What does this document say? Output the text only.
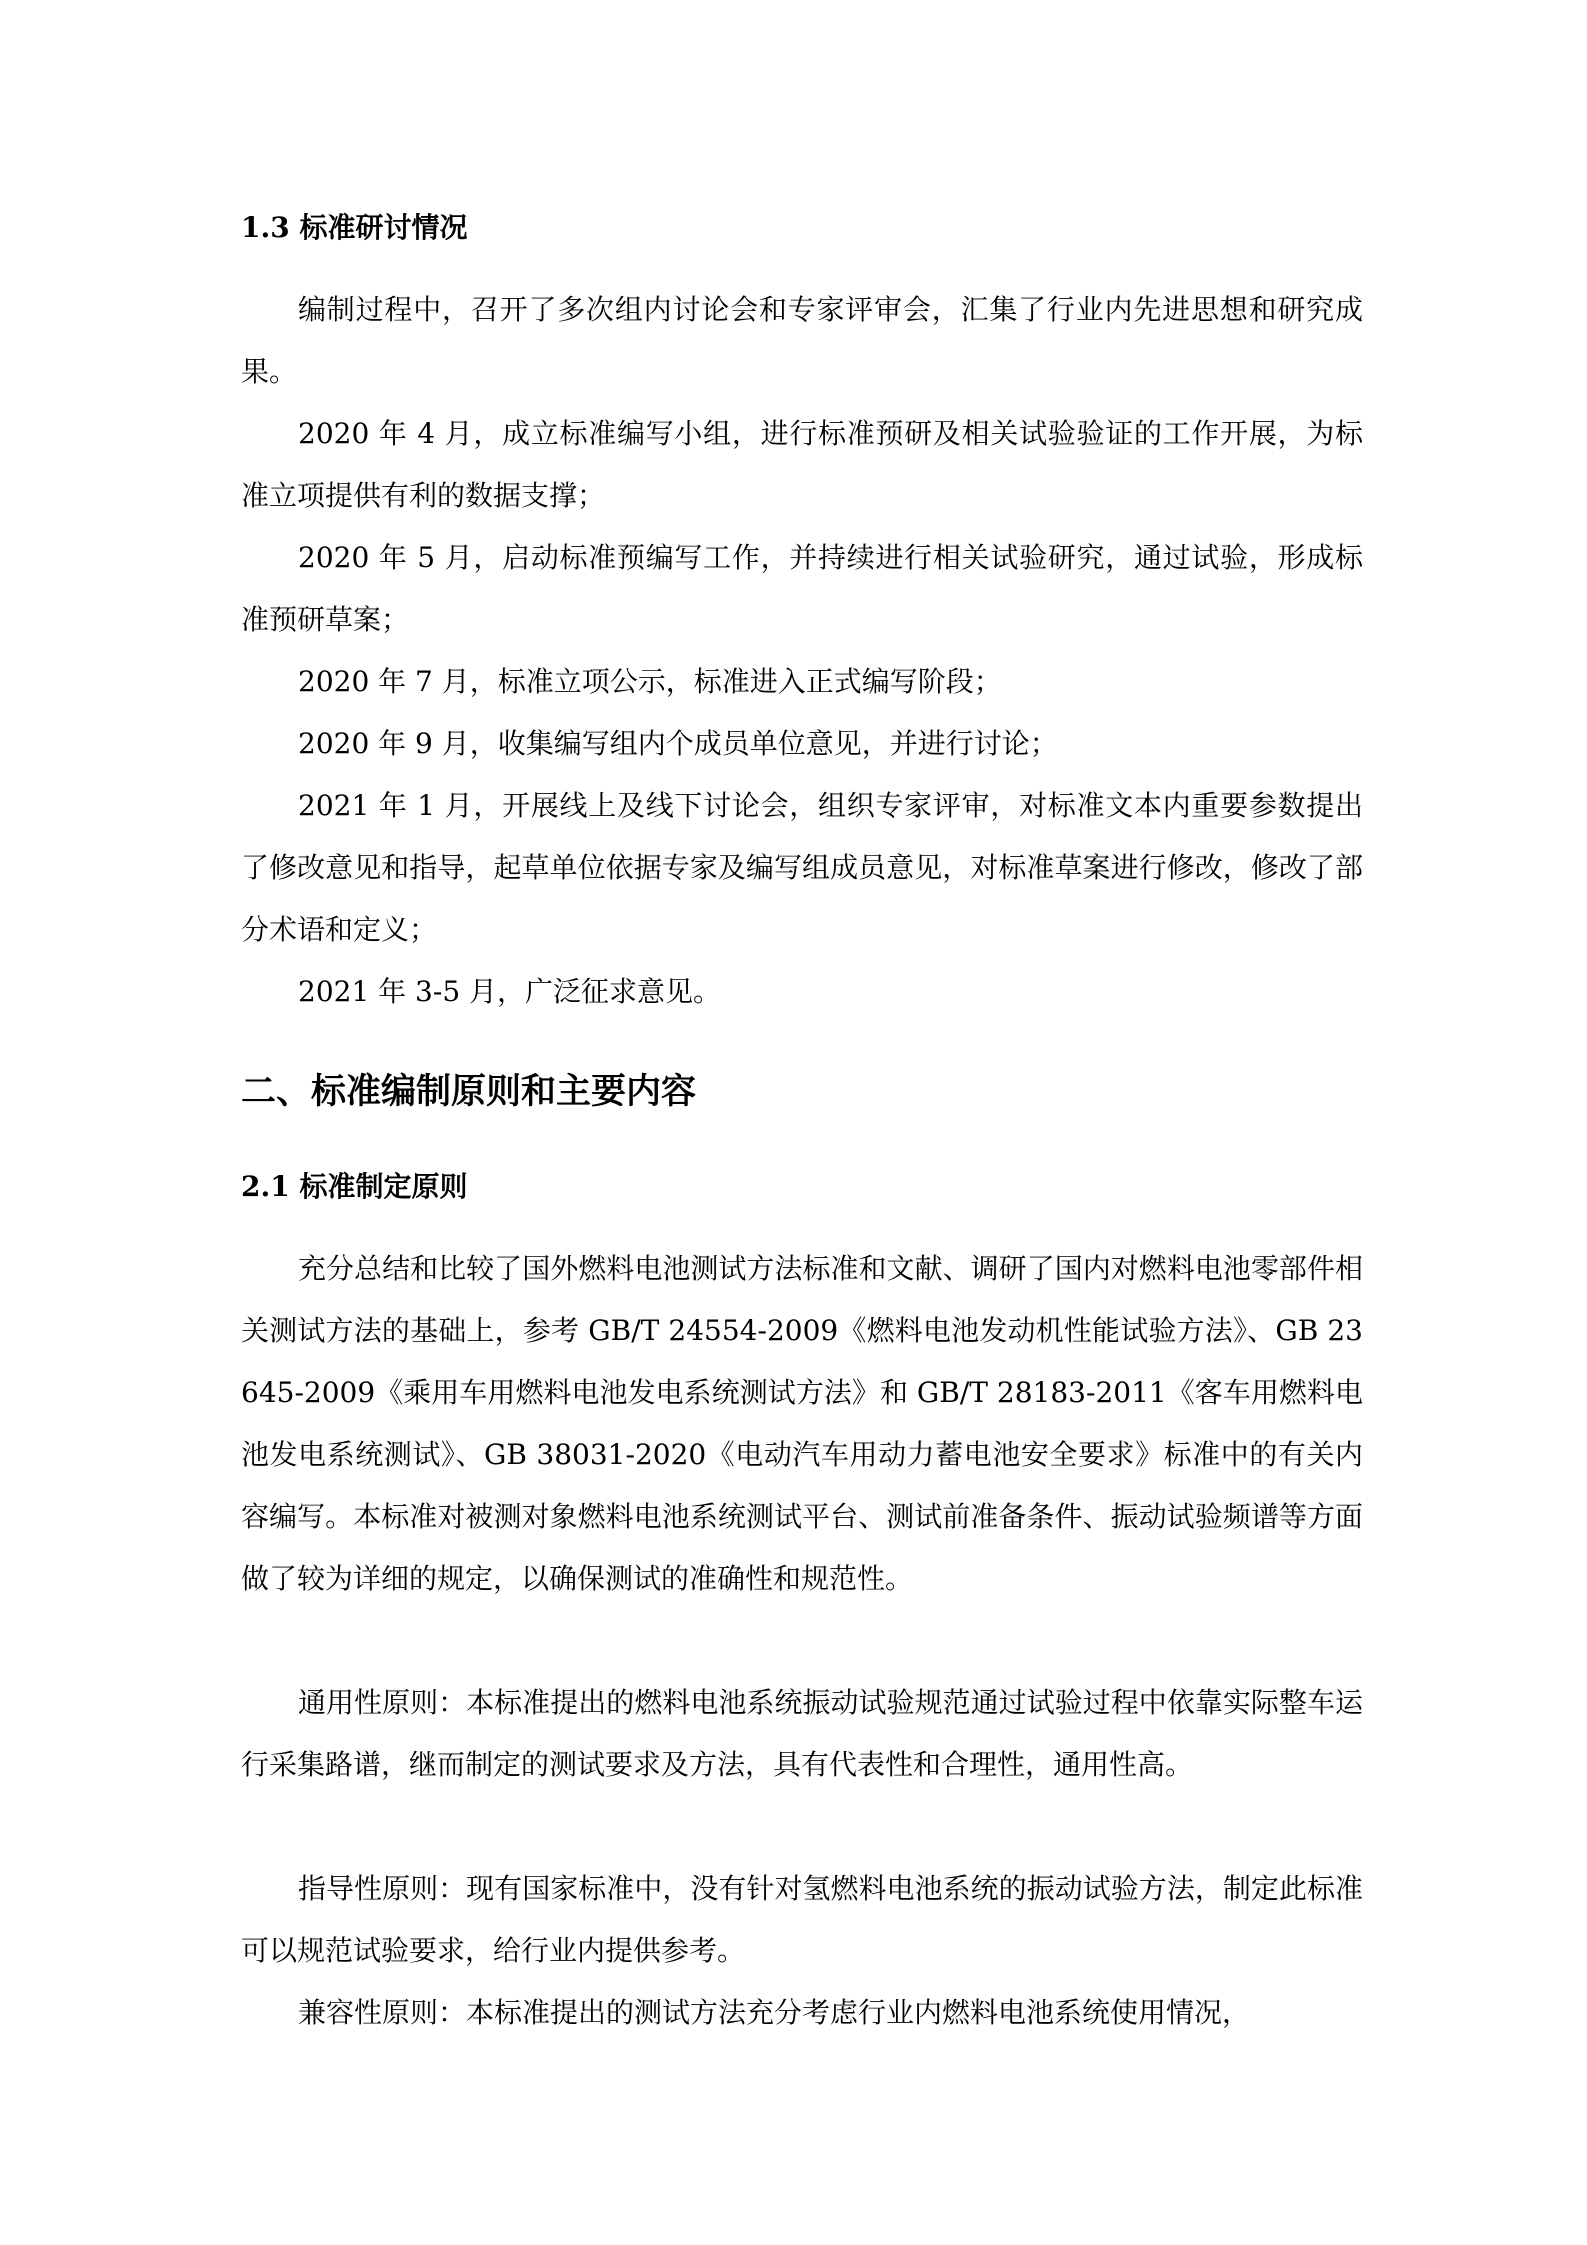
1.3 标准研讨情况

编制过程中，召开了多次组内讨论会和专家评审会，汇集了行业内先进思想和研究成果。

2020 年 4 月，成立标准编写小组，进行标准预研及相关试验验证的工作开展，为标准立项提供有利的数据支撑；

2020 年 5 月，启动标准预编写工作，并持续进行相关试验研究，通过试验，形成标准预研草案；

2020 年 7 月，标准立项公示，标准进入正式编写阶段；

2020 年 9 月，收集编写组内个成员单位意见，并进行讨论；

2021 年 1 月，开展线上及线下讨论会，组织专家评审，对标准文本内重要参数提出了修改意见和指导，起草单位依据专家及编写组成员意见，对标准草案进行修改，修改了部分术语和定义；

2021 年 3-5 月，广泛征求意见。

二、标准编制原则和主要内容
2.1 标准制定原则

充分总结和比较了国外燃料电池测试方法标准和文献、调研了国内对燃料电池零部件相关测试方法的基础上，参考 GB/T 24554-2009《燃料电池发动机性能试验方法》、GB 23645-2009《乘用车用燃料电池发电系统测试方法》和 GB/T 28183-2011《客车用燃料电池发电系统测试》、GB 38031-2020《电动汽车用动力蓄电池安全要求》标准中的有关内容编写。本标准对被测对象燃料电池系统测试平台、测试前准备条件、振动试验频谱等方面做了较为详细的规定，以确保测试的准确性和规范性。

通用性原则：本标准提出的燃料电池系统振动试验规范通过试验过程中依靠实际整车运行采集路谱，继而制定的测试要求及方法，具有代表性和合理性，通用性高。

指导性原则：现有国家标准中，没有针对氢燃料电池系统的振动试验方法，制定此标准可以规范试验要求，给行业内提供参考。

兼容性原则：本标准提出的测试方法充分考虑行业内燃料电池系统使用情况，
